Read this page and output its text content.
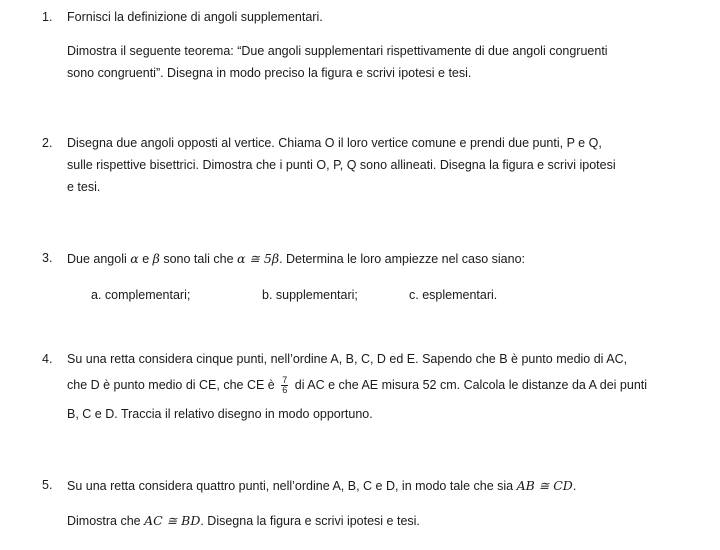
1. Fornisci la definizione di angoli supplementari.
Dimostra il seguente teorema: “Due angoli supplementari rispettivamente di due angoli congruenti
sono congruenti”. Disegna in modo preciso la figura e scrivi ipotesi e tesi.
2. Disegna due angoli opposti al vertice. Chiama O il loro vertice comune e prendi due punti, P e Q,
sulle rispettive bisettrici. Dimostra che i punti O, P, Q sono allineati. Disegna la figura e scrivi ipotesi
e tesi.
3. Due angoli α e β sono tali che α ≅ 5β. Determina le loro ampiezze nel caso siano:
a. complementari;	b. supplementari;	c. esplementari.
4. Su una retta considera cinque punti, nell’ordine A, B, C, D ed E. Sapendo che B è punto medio di AC,
che D è punto medio di CE, che CE è $\frac{7}{6}$ di AC e che AE misura 52 cm. Calcola le distanze da A dei punti
B, C e D. Traccia il relativo disegno in modo opportuno.
5. Su una retta considera quattro punti, nell’ordine A, B, C e D, in modo tale che sia AB ≅ CD.
Dimostra che AC ≅ BD. Disegna la figura e scrivi ipotesi e tesi.
